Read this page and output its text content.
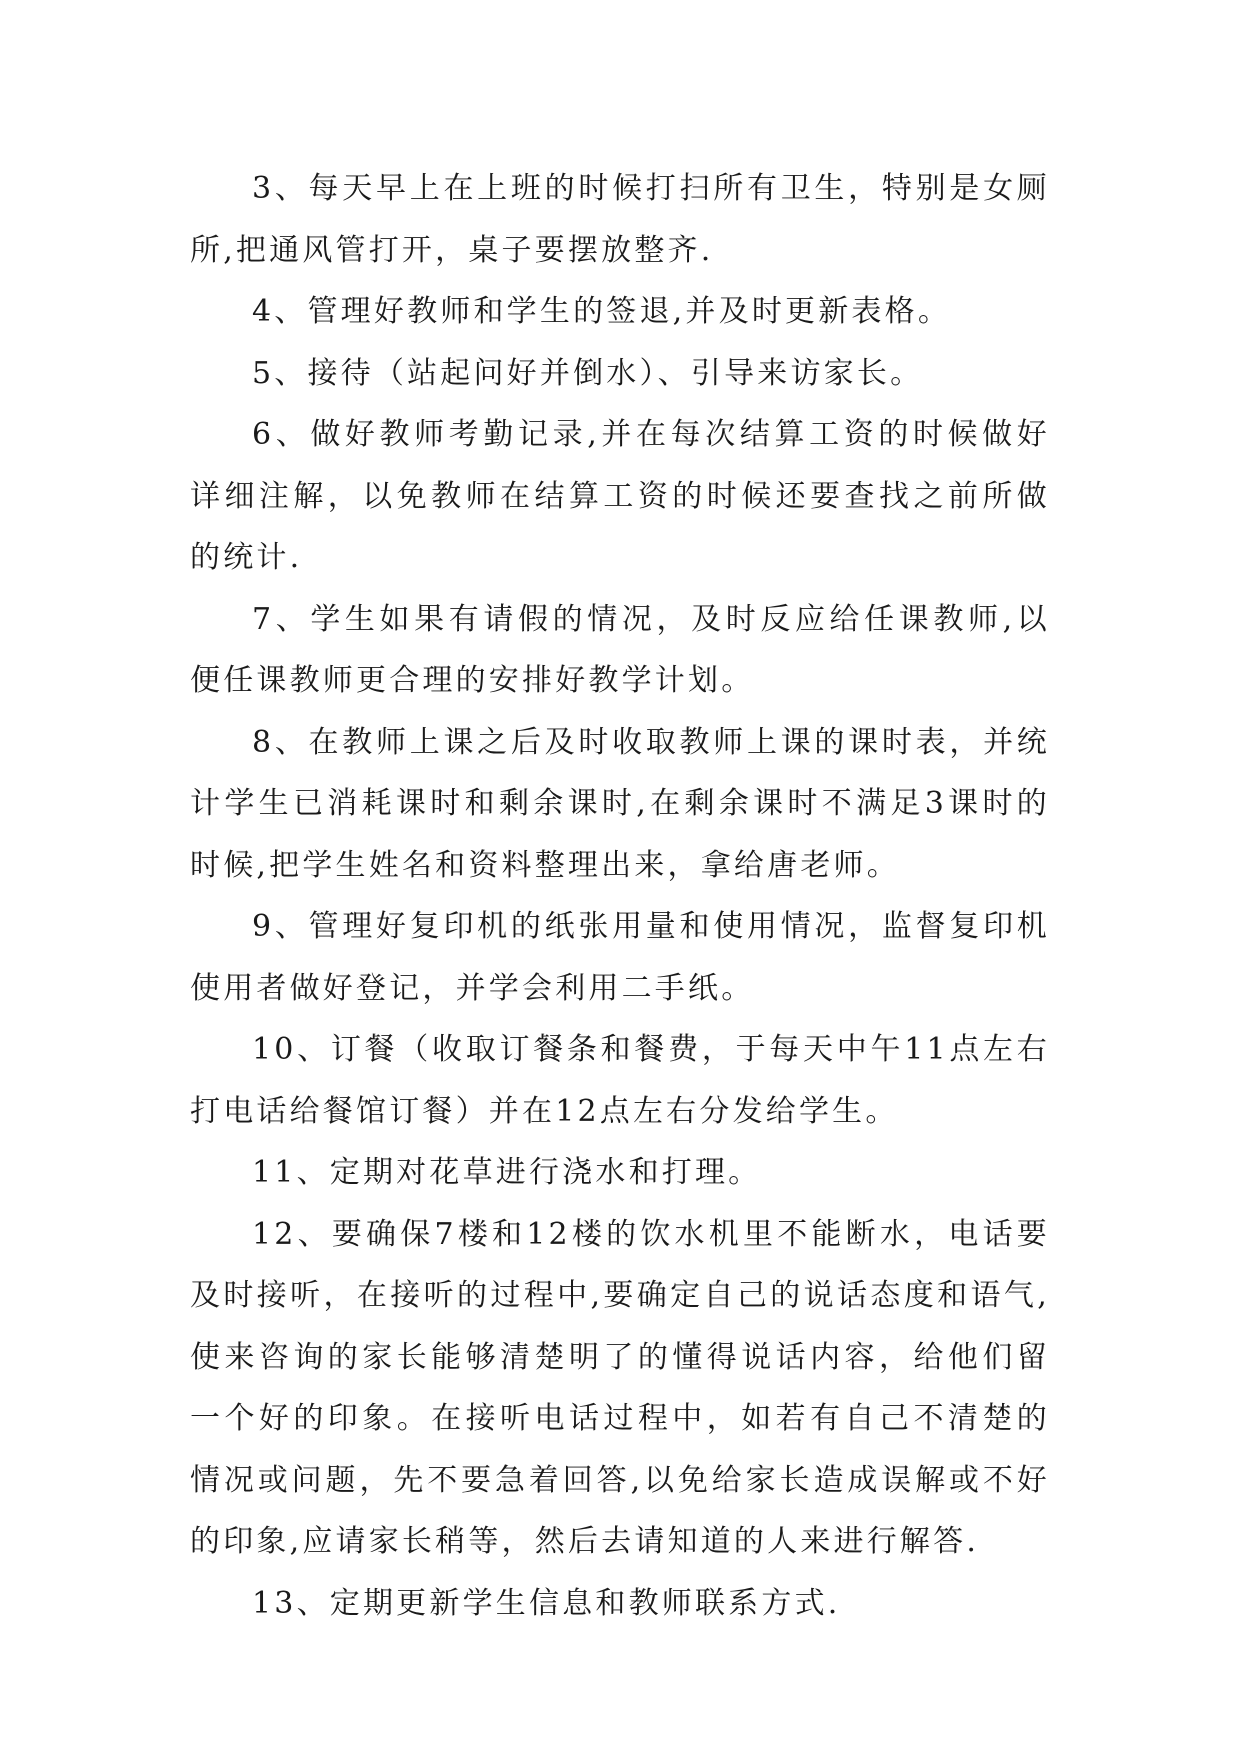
3、每天早上在上班的时候打扫所有卫生，特别是女厕所,把通风管打开，桌子要摆放整齐.

4、管理好教师和学生的签退,并及时更新表格。

5、接待（站起问好并倒水）、引导来访家长。

6、做好教师考勤记录,并在每次结算工资的时候做好详细注解，以免教师在结算工资的时候还要查找之前所做的统计.

7、学生如果有请假的情况，及时反应给任课教师,以便任课教师更合理的安排好教学计划。

8、在教师上课之后及时收取教师上课的课时表，并统计学生已消耗课时和剩余课时,在剩余课时不满足3课时的时候,把学生姓名和资料整理出来，拿给唐老师。

9、管理好复印机的纸张用量和使用情况，监督复印机使用者做好登记，并学会利用二手纸。

10、订餐（收取订餐条和餐费，于每天中午11点左右打电话给餐馆订餐）并在12点左右分发给学生。

11、定期对花草进行浇水和打理。

12、要确保7楼和12楼的饮水机里不能断水，电话要及时接听，在接听的过程中,要确定自己的说话态度和语气,使来咨询的家长能够清楚明了的懂得说话内容，给他们留一个好的印象。在接听电话过程中，如若有自己不清楚的情况或问题，先不要急着回答,以免给家长造成误解或不好的印象,应请家长稍等，然后去请知道的人来进行解答.

13、定期更新学生信息和教师联系方式.
